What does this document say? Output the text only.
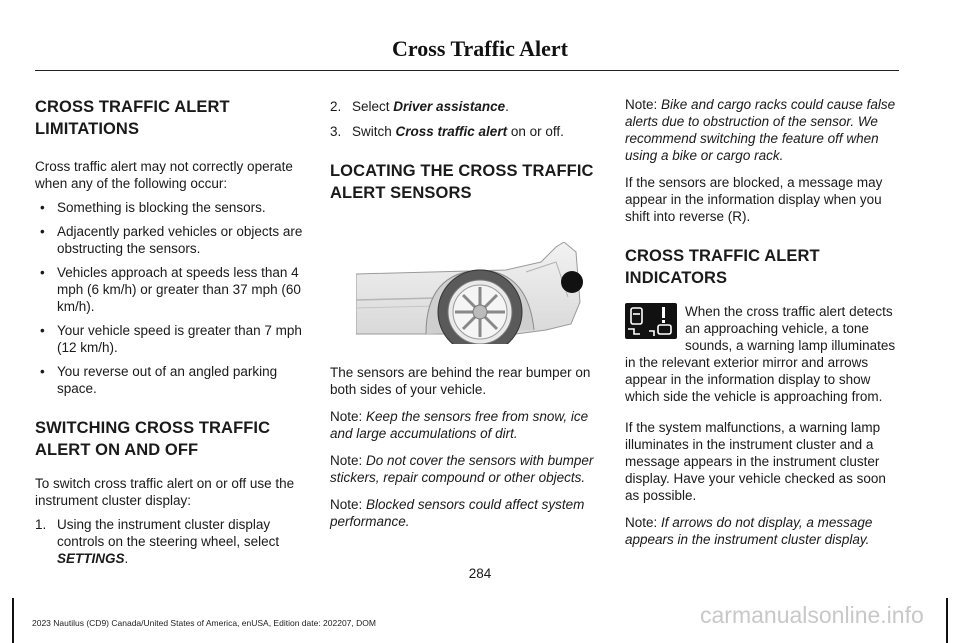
Cross Traffic Alert
CROSS TRAFFIC ALERT
LIMITATIONS

Cross traffic alert may not correctly operate when any of the following occur:

• Something is blocking the sensors.
• Adjacently parked vehicles or objects are obstructing the sensors.
• Vehicles approach at speeds less than 4 mph (6 km/h) or greater than 37 mph (60 km/h).
• Your vehicle speed is greater than 7 mph (12 km/h).
• You reverse out of an angled parking space.
SWITCHING CROSS TRAFFIC
ALERT ON AND OFF

To switch cross traffic alert on or off use the instrument cluster display:

1. Using the instrument cluster display controls on the steering wheel, select SETTINGS.
2. Select Driver assistance.
3. Switch Cross traffic alert on or off.
LOCATING THE CROSS TRAFFIC
ALERT SENSORS

The sensors are behind the rear bumper on both sides of your vehicle.

Note: Keep the sensors free from snow, ice and large accumulations of dirt.

Note: Do not cover the sensors with bumper stickers, repair compound or other objects.

Note: Blocked sensors could affect system performance.

Note: Bike and cargo racks could cause false alerts due to obstruction of the sensor. We recommend switching the feature off when using a bike or cargo rack.

If the sensors are blocked, a message may appear in the information display when you shift into reverse (R).

CROSS TRAFFIC ALERT
INDICATORS

When the cross traffic alert detects an approaching vehicle, a tone sounds, a warning lamp illuminates

in the relevant exterior mirror and arrows appear in the information display to show which side the vehicle is approaching from.

If the system malfunctions, a warning lamp illuminates in the instrument cluster and a message appears in the instrument cluster display. Have your vehicle checked as soon as possible.

Note: If arrows do not display, a message appears in the instrument cluster display.

284
2023 Nautilus (CD9) Canada/United States of America, enUSA, Edition date: 202207, DOM	carmanualsonline.info
